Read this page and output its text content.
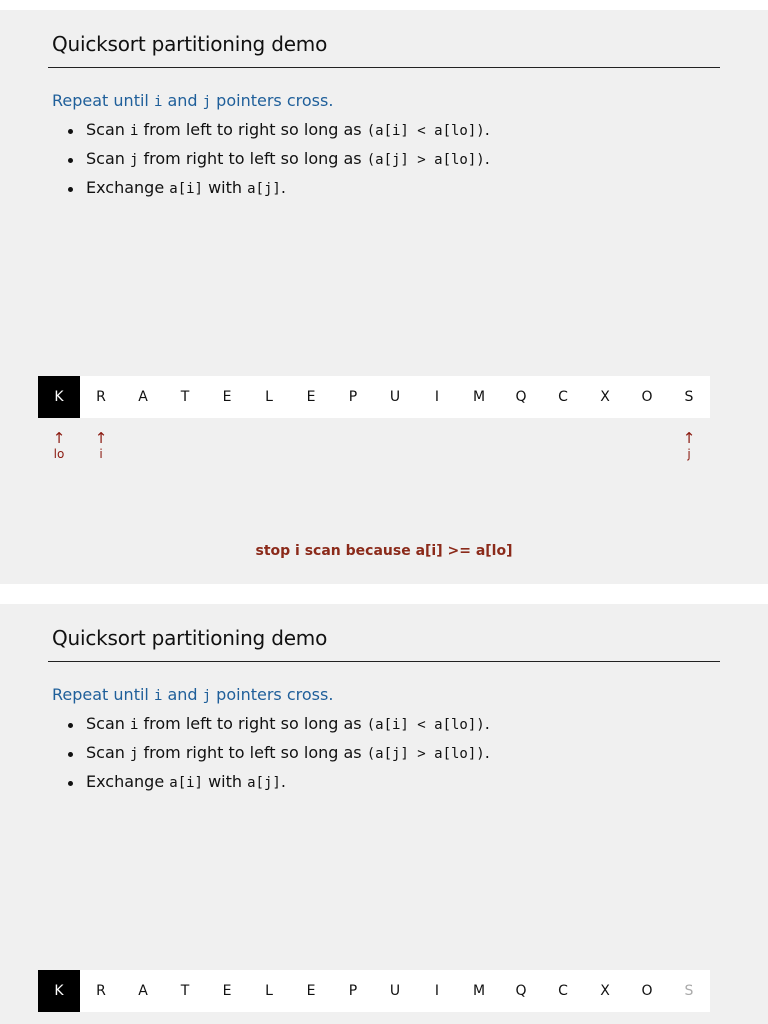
Quicksort partitioning demo
Repeat until i and j pointers cross.
Scan i from left to right so long as (a[i] < a[lo]).
Scan j from right to left so long as (a[j] > a[lo]).
Exchange a[i] with a[j].
K	R	A	T	E	L	E	P	U	I	M	Q	C	X	O	S
↑
lo
↑
i
↑
j
stop i scan because a[i] >= a[lo]
Quicksort partitioning demo
Repeat until i and j pointers cross.
Scan i from left to right so long as (a[i] < a[lo]).
Scan j from right to left so long as (a[j] > a[lo]).
Exchange a[i] with a[j].
K	R	A	T	E	L	E	P	U	I	M	Q	C	X	O	S
